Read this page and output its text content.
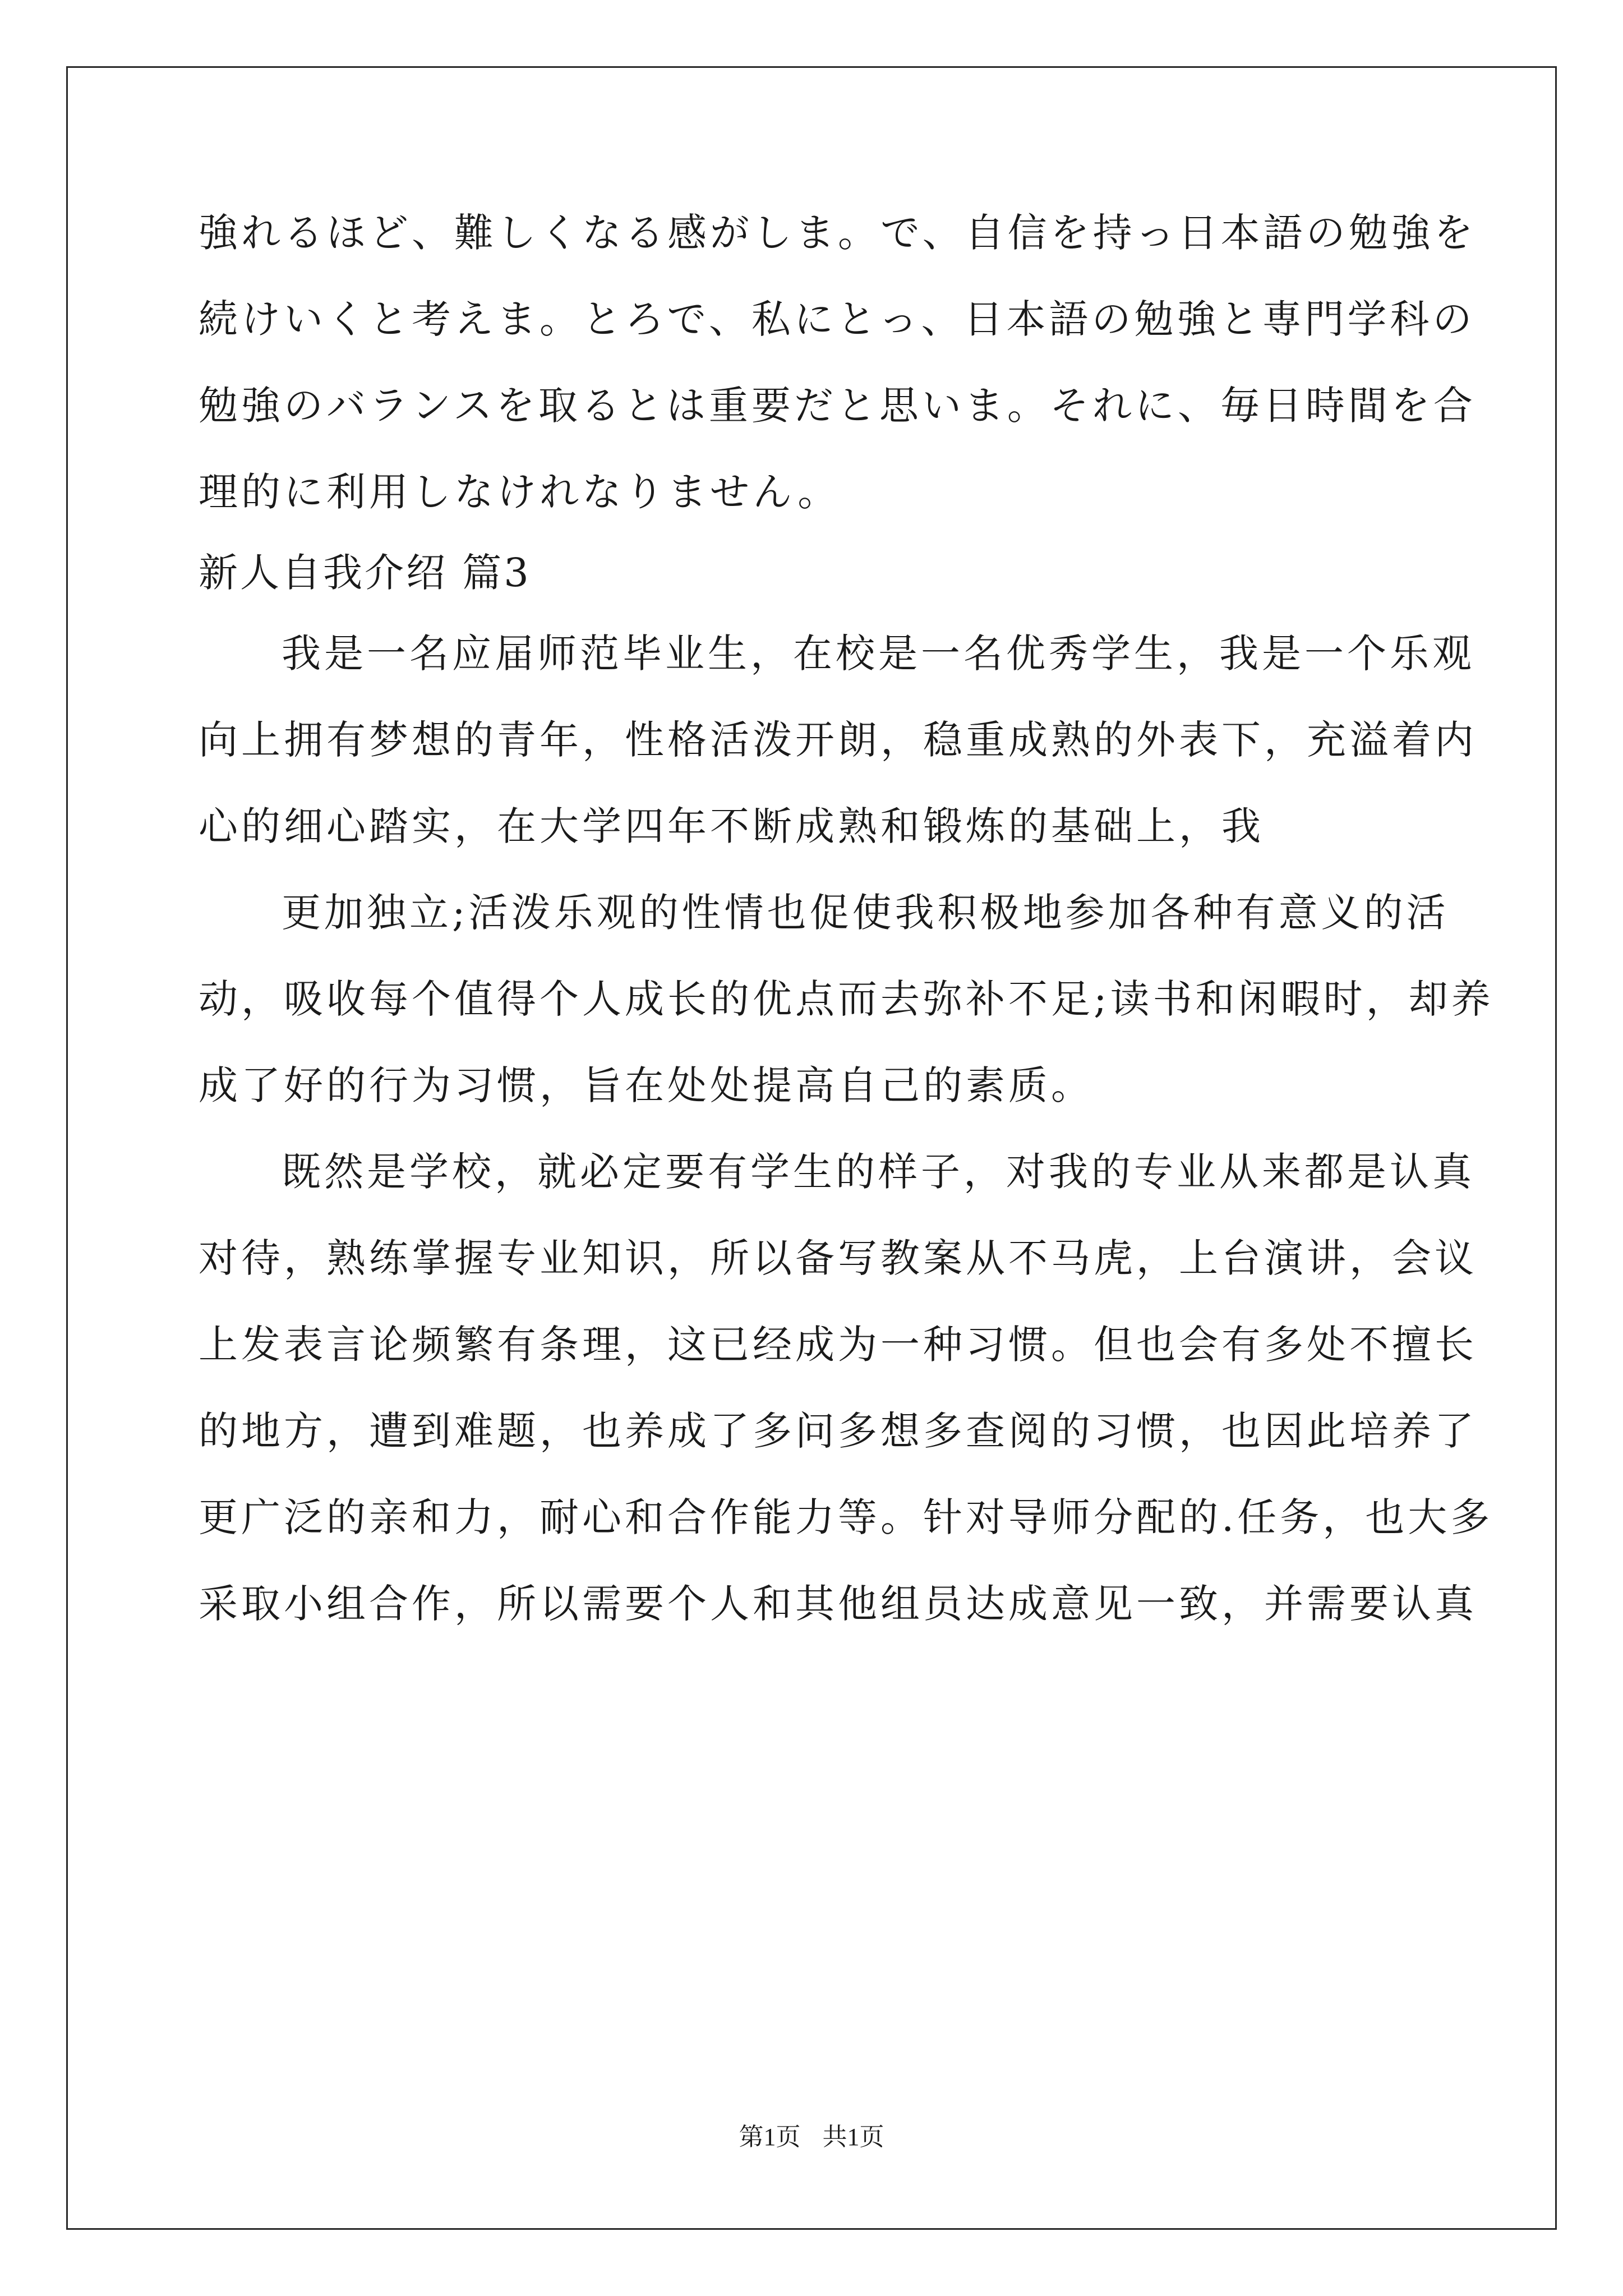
強れるほど、難しくなる感がしま。で、自信を持っ日本語の勉強を
続けいくと考えま。とろで、私にとっ、日本語の勉強と専門学科の
勉強のバランスを取るとは重要だと思いま。それに、毎日時間を合
理的に利用しなけれなりません。
新人自我介绍 篇3
我是一名应届师范毕业生，在校是一名优秀学生，我是一个乐观
向上拥有梦想的青年，性格活泼开朗，稳重成熟的外表下，充溢着内
心的细心踏实，在大学四年不断成熟和锻炼的基础上，我
更加独立;活泼乐观的性情也促使我积极地参加各种有意义的活
动，吸收每个值得个人成长的优点而去弥补不足;读书和闲暇时，却养
成了好的行为习惯，旨在处处提高自己的素质。
既然是学校，就必定要有学生的样子，对我的专业从来都是认真
对待，熟练掌握专业知识，所以备写教案从不马虎，上台演讲，会议
上发表言论频繁有条理，这已经成为一种习惯。但也会有多处不擅长
的地方，遭到难题，也养成了多问多想多查阅的习惯，也因此培养了
更广泛的亲和力，耐心和合作能力等。针对导师分配的.任务，也大多
采取小组合作，所以需要个人和其他组员达成意见一致，并需要认真
第1页 共1页
